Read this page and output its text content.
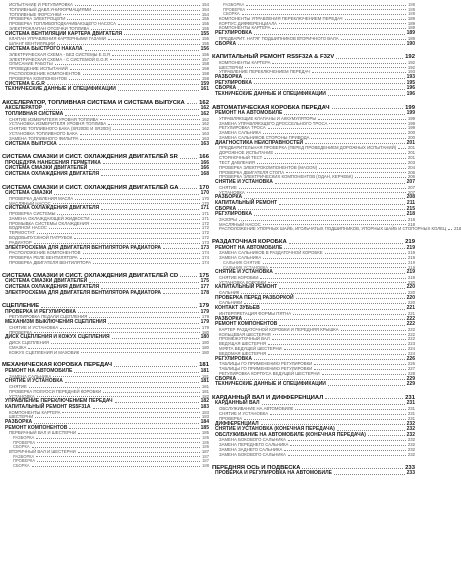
ИСПЫТАНИЕ И РЕГУЛИРОВКА	154
ТОПЛИВНЫЙ ДАВЛ.УНИФОРМАЦИЯМИ	154
ТОПЛИВНЫЕ ФОРСУНКИ	154
ПРОВЕРКА ЭЛЕКТРОЦЕПИ	155
ПРОВЕРКА ТОПЛИВОПОДКАЧИВАЮЩЕГО НАСОСА	155
ЭЛЕКТРОКЛАПАН ОТСЕЧКИ ТОПЛИВА	155
СИСТЕМА ВЕНТИЛЯЦИИ КАРТЕРА ДВИГАТЕЛЯ	155
КЛАПАН УПРАВЛЕНИЯ КАРТЕРНЫМИ ГАЗАМИ	155
ШЛАНГ ВЕНТИЛЯЦИИ	155
СИСТЕМА БЫСТРОГО НАКАЛА	156
ЭЛЕКТРИЧЕСКАЯ СХЕМА - БЕЗ СИСТЕМЫ E.G.R	156
ЭЛЕКТРИЧЕСКАЯ СХЕМА - С СИСТЕМОЙ E.G.R	157
ОПИСАНИЕ РАБОТЫ	158
ПРОВЕДЕНИЕ ИСПЫТАНИЙ	158
РАСПОЛОЖЕНИЕ КОМПОНЕНТОВ	158
ПРОВЕРКА КОМПОНЕНТОВ	158
СИСТЕМА E.G.R	159
ТЕХНИЧЕСКИЕ ДАННЫЕ И СПЕЦИФИКАЦИИ	161
АКСЕЛЕРАТОР, ТОПЛИВНАЯ СИСТЕМА И СИСТЕМА ВЫПУСКА 162
АКСЕЛЕРАТОР	162
ТОПЛИВНАЯ СИСТЕМА	162
СНЯТИЕ ИЗМЕРИТЕЛЯ УРОВНЯ ТОПЛИВА	162
УСТАНОВКА ИЗМЕРИТЕЛЯ УРОВНЯ ТОПЛИВА	162
СНЯТИЕ ТОПЛИВНОГО БАКА (SR20DE И SR20DI)	162
УСТАНОВКА ТОПЛИВНОГО БАКА	163
ЗАМЕНА ТОПЛИВНОГО ФИЛЬТРА	163
СИСТЕМА ВЫПУСКА	163
СИСТЕМА СМАЗКИ И СИСТ. ОХЛАЖДЕНИЯ ДВИГАТЕЛЕЙ SR	166
ПРОЦЕДУРА НАНЕСЕНИЯ ГЕРМЕТИКА	166
СИСТЕМА СМАЗКИ ДВИГАТЕЛЕЙ	166
СИСТЕМА ОХЛАЖДЕНИЯ ДВИГАТЕЛЯ	168
СИСТЕМА СМАЗКИ И СИСТ. ОХЛАЖДЕНИЯ ДВИГАТЕЛЕЙ GA	170
СИСТЕМА СМАЗКИ	170
ПРОВЕРКА ДАВЛЕНИЯ МАСЛА	170
МАСЛЯНЫЙ НАСОС	170
СИСТЕМА ОХЛАЖДЕНИЯ ДВИГАТЕЛЯ	171
ПРОВЕРКА СИСТЕМЫ	171
ЗАМЕНА ОХЛАЖДАЮЩЕЙ ЖИДКОСТИ	171
ПРОМЫВКА СИСТЕМЫ ОХЛАЖДЕНИЯ	172
ВОДЯНОЙ НАСОС	172
ТЕРМОСТАТ	172
ВОДОВЫПУСКНОЙ ПАТРУБОК	172
РАДИАТОР	173
ЭЛЕКТРОСХЕМА ДЛЯ ДВИГАТЕЛЯ ВЕНТИЛЯТОРА РАДИАТОРА	173
РАСПОЛОЖЕНИЕ КОМПОНЕНТОВ	174
ПРОВЕРКА РЕЛЕ ВЕНТИЛЯТОРА	174
ПРОВЕРКА ДВИГАТЕЛЯ ВЕНТИЛЯТОРА	174
СИСТЕМА СМАЗКИ И СИСТ. ОХЛАЖДЕНИЯ ДВИГАТЕЛЕЙ CD	175
СИСТЕМА СМАЗКИ ДВИГАТЕЛЕЙ	175
СИСТЕМА ОХЛАЖДЕНИЯ ДВИГАТЕЛЯ	177
ЭЛЕКТРОСХЕМА ДЛЯ ДВИГАТЕЛЯ ВЕНТИЛЯТОРА РАДИАТОРА	178
СЦЕПЛЕНИЕ	179
ПРОВЕРКА И РЕГУЛИРОВКА	179
РЕГУЛИРОВКА ПЕДАЛИ СЦЕПЛЕНИЯ	179
МЕХАНИЗМ ВЫКЛЮЧЕНИЯ СЦЕПЛЕНИЯ	179
СНЯТИЕ И УСТАНОВКА	179
ПРОВЕРКА	180
ДИСК СЦЕПЛЕНИЯ И КОЖУХ СЦЕПЛЕНИЯ	180
ДИСК СЦЕПЛЕНИЯ	180
СМАЗКА	180
КОЖУХ СЦЕПЛЕНИЯ И МАХОВИК	180
МЕХАНИЧЕСКАЯ КОРОБКА ПЕРЕДАЧ	181
РЕМОНТ НА АВТОМОБИЛЕ	181
ЗАМЕНА САЛЬНИКА	181
СНЯТИЕ И УСТАНОВКА	181
СНЯТИЕ	181
ПРОВЕРКА ПОЛУОСИ ПЕРЕДНЕЙ КОРОБКИ	181
УСТАНОВКА	182
УПРАВЛЕНИЕ ПЕРЕКЛЮЧЕНИЕМ ПЕРЕДАЧ	182
КАПИТАЛЬНЫЙ РЕМОНТ RS5F31A	183
КОМПОНЕНТЫ КАРТЕРА	183
ШЕСТЕРНИ	183
РАЗБОРКА	184
РЕМОНТ КОМПОНЕНТОВ	185
ПЕРВИЧНЫЙ ВАЛ И ШЕСТЕРНИ	185
РАЗБОРКА	185
ПРОВЕРКА	185
СБОРКА	186
ВТОРИЧНЫЙ ВАЛ И ШЕСТЕРНИ	187
РАЗБОРКА	187
ПРОВЕРКА	187
СБОРКА	188
РАЗБОРКА	188
ПРОВЕРКА	188
СБОРКА	188
КОМПОНЕНТЫ УПРАВЛЕНИЯ ПЕРЕКЛЮЧЕНИЕМ ПЕРЕДАЧ	189
КОРПУС ДИФФЕРЕНЦИАЛА	189
КОМПОНЕНТЫ КАРТЕРА	189
РЕГУЛИРОВКА	189
ПРЕДВАРИТ. НАТЯГ ПОДШИПНИКОВ ВТОРИЧНОГО ВАЛА	189
СБОРКА	190
КАПИТАЛЬНЫЙ РЕМОНТ RS5F32A & F32V	192
КОМПОНЕНТЫ КАРТЕРА	192
ШЕСТЕРНИ	192
УПРАВЛЕНИЕ ПЕРЕКЛЮЧЕНИЕМ ПЕРЕДАЧ	193
РАЗБОРКА	193
РЕГУЛИРОВКА	195
СБОРКА	196
ТЕХНИЧЕСКИЕ ДАННЫЕ И СПЕЦИФИКАЦИИ	196
АВТОМАТИЧЕСКАЯ КОРОБКА ПЕРЕДАЧ	199
РЕМОНТ НА АВТОМОБИЛЕ	199
УПРАВЛЯЮЩИЕ КЛАПАНЫ И АККУМУЛЯТОРЫ	199
ЗАМЕНА УПРАВЛЯЮЩЕГО ДРОССЕЛЬНОГО ТРОСА	199
РЕГУЛИРОВКА ТРОСА	199
ЗАМЕНА САЛЬНИКА	200
ЗАМЕНА САЛЬНИКОВ СТОРОНЫ ПРИВОДА	200
ДИАГНОСТИКА НЕИСПРАВНОСТЕЙ	201
ПРЕДВАРИТЕЛЬНАЯ ПРОВЕРКА (ПЕРЕД ПРОВЕДЕНИЕМ ДОРОЖНЫХ ИСПЫТАНИЙ)	201
ДОРОЖНОЕ ИСПЫТАНИЕ	201
СТОЯНОЧНЫЙ ТЕСТ	201
ТЕСТ ДАВЛЕНИЯ	203
ПРОВЕРКА ЭЛЕКТРОКОМПОНЕНТОВ (MAGON)	204
ПРОВЕРКА ДВИГАТЕЛЯ СТОПА	206
ПРОВЕРКА ЭЛЕКТРИЧЕСКИХ КОМПОНЕНТОВ (ОДАН, КЕРЧЕБК)	206
СНЯТИЕ И УСТАНОВКА	207
СНЯТИЕ	207
УСТАНОВКА	207
РАЗБОРКА	208
КАПИТАЛЬНЫЙ РЕМОНТ	211
СБОРКА	215
РЕГУЛИРОВКА	218
ЗАЗОРЫ	218
МАСЛЯНЫЙ НАСОС	218
РАСПОЛОЖЕНИЕ УПОРНЫХ ШАЙБ, ИГОЛЬЧАТЫХ ПОДШИПНИКОВ, УПОРНЫХ ШАЙБ И СТОПОРНЫХ КОЛЕЦ 218
РАЗДАТОЧНАЯ КОРОБКА	219
РЕМОНТ НА АВТОМОБИЛЕ	219
ЗАМЕНА САЛЬНИКОВ В РАЗДАТОЧНОЙ КОРОБКЕ	219
ЗАМЕНА САЛЬНИКА	219
САЛЬНИК СНЯТИЕ	219
САЛЬНИК УСТАНОВКА	219
СНЯТИЕ И УСТАНОВКА	219
СНЯТИЕ КОРОБКИ	219
УСТАНОВКА КОРОБКИ	220
КАПИТАЛЬНЫЙ РЕМОНТ	220
САЛЬНИК	220
ПРОВЕРКА ПЕРЕД РАЗБОРКОЙ	220
САЛЬНИКИ	220
КОНТАКТ ЗУБЬЕВ	221
ИНТЕРПРЕТАЦИЯ ФОРМЫ ПЯТНА	221
РАЗБОРКА	222
РЕМОНТ КОМПОНЕНТОВ	222
КАРТЕР РАЗДАТОЧНОЙ КОРОБКИ И ПЕРЕДНЯЯ КРЫШКА	222
КОЛЬЦЕВАЯ ШЕСТЕРНЯ	222
ПРОМЕЖУТОЧНЫЙ ВАЛ	222
ВЕДУЩАЯ ШЕСТЕРНЯ	223
МУФТА ВЕДУЩЕЙ ШЕСТЕРНИ	224
ВЕДОМАЯ ШЕСТЕРНЯ	224
РЕГУЛИРОВКА	226
ТАБЛИЦЫ ГО ПРИМЕНЕНИЮ РЕГУЛИРОВКИ	226
ТАБЛИЦЫ ГО ПРИМЕНЕНИЮ РЕГУЛИРОВКИ	227
РЕГУЛИРОВКА КОРПУСА ВЕДУЩЕЙ ШЕСТЕРНИ	228
СБОРКА	229
ТЕХНИЧЕСКИЕ ДАННЫЕ И СПЕЦИФИКАЦИИ	229
КАРДАННЫЙ ВАЛ И ДИФФЕРЕНЦИАЛ	231
КАРДАННЫЙ ВАЛ	231
ОБСЛУЖИВАНИЕ НА АВТОМОБИЛЕ	231
СНЯТИЕ И УСТАНОВКА	231
ПРОВЕРКА	231
ДИФФЕРЕНЦИАЛ	232
СНЯТИЕ И УСТАНОВКА (КОНЕЧНАЯ ПЕРЕДАЧА)	232
ОБСЛУЖИВАНИЕ НА АВТОМОБИЛЕ (КОНЕЧНАЯ ПЕРЕДАЧА)	232
ЗАМЕНА БОКОВОГО САЛЬНИКА	232
ЗАМЕНА ПЕРЕДНЕГО САЛЬНИКА	232
ЗАМЕНА ЗАДНЕГО САЛЬНИКА	232
ЗАМЕНА БОКОВОГО САЛЬНИКА	232
ПЕРЕДНЯЯ ОСЬ И ПОДВЕСКА	233
ПРОВЕРКА И РЕГУЛИРОВКА НА АВТОМОБИЛЕ	233
